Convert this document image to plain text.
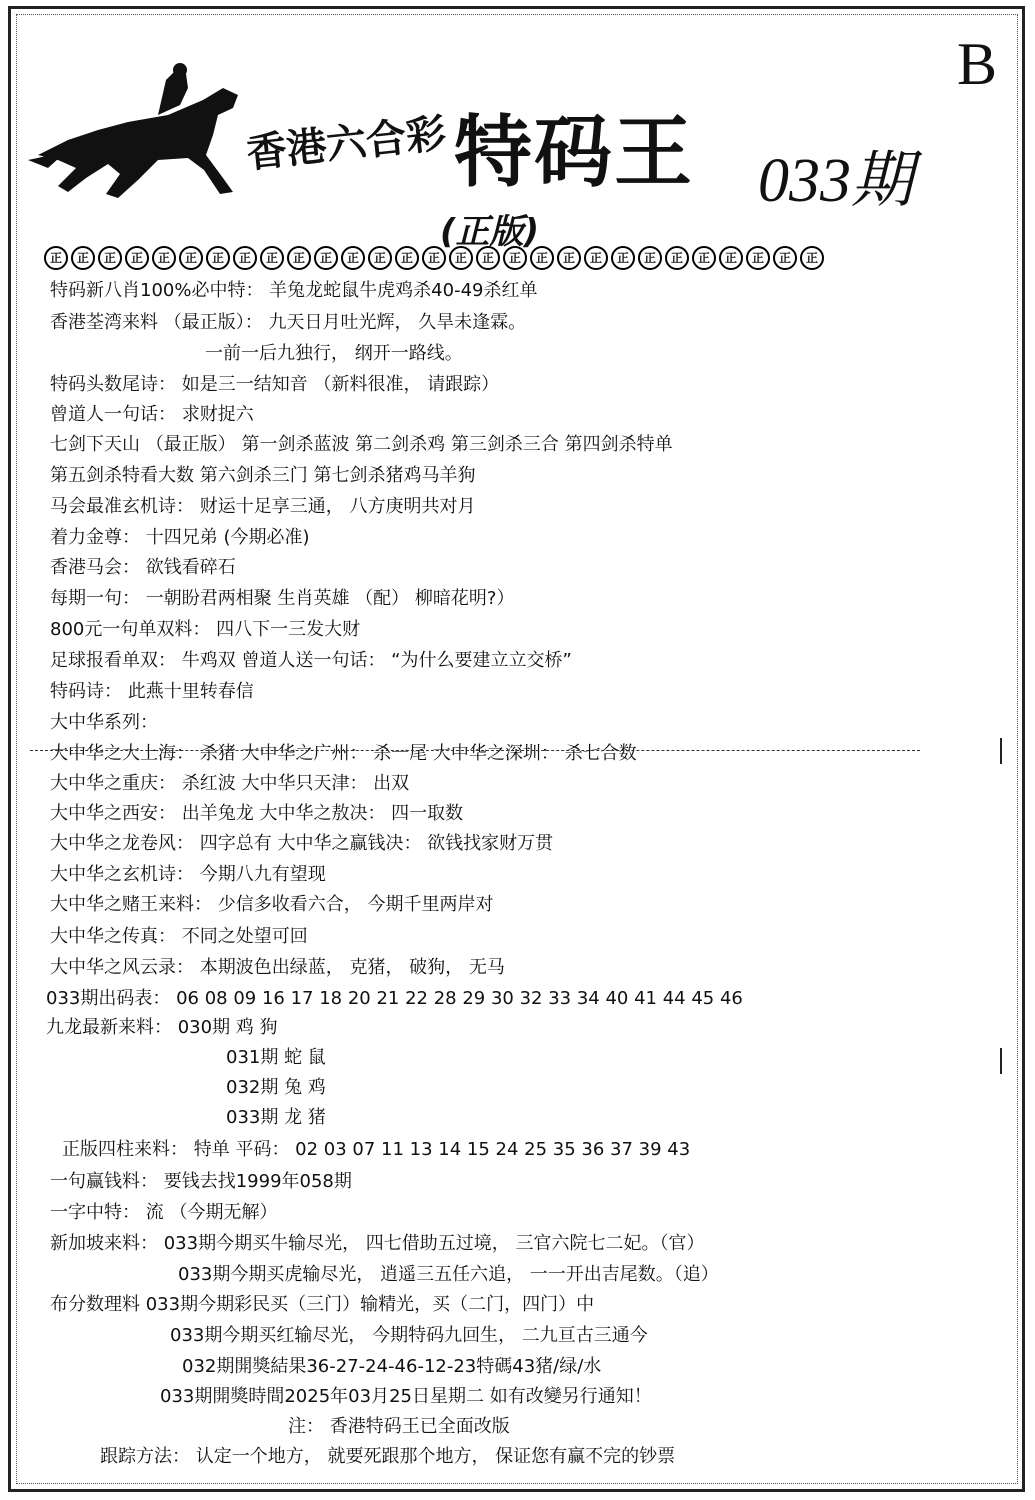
B
香港六合彩 特码王 033期
(正版)
正	正	正	正	正	正	正	正	正	正	正	正	正	正	正	正	正	正	正	正	正	正	正	正	正	正	正	正	正
特码新八肖100%必中特： 羊兔龙蛇鼠牛虎鸡杀40-49杀红单
香港荃湾来料 （最正版）： 九天日月吐光辉， 久旱未逢霖。
一前一后九独行， 纲开一路线。
特码头数尾诗： 如是三一结知音 （新料很准， 请跟踪）
曾道人一句话： 求财捉六
七剑下天山 （最正版） 第一剑杀蓝波 第二剑杀鸡 第三剑杀三合 第四剑杀特单
第五剑杀特看大数 第六剑杀三门 第七剑杀猪鸡马羊狗
马会最准玄机诗： 财运十足享三通， 八方庚明共对月
着力金尊： 十四兄弟 (今期必准)
香港马会： 欲钱看碎石
每期一句： 一朝盼君两相聚 生肖英雄 （配） 柳暗花明?）
800元一句单双料： 四八下一三发大财
足球报看单双： 牛鸡双 曾道人送一句话： “为什么要建立立交桥”
特码诗： 此燕十里转春信
大中华系列：
大中华之大上海： 杀猪 大中华之广州： 杀一尾 大中华之深圳： 杀七合数
大中华之重庆： 杀红波 大中华只天津： 出双
大中华之西安： 出羊兔龙 大中华之敖决： 四一取数
大中华之龙卷风： 四字总有 大中华之赢钱决： 欲钱找家财万贯
大中华之玄机诗： 今期八九有望现
大中华之赌王来料： 少信多收看六合， 今期千里两岸对
大中华之传真： 不同之处望可回
大中华之风云录： 本期波色出绿蓝， 克猪， 破狗， 无马
033期出码表： 06 08 09 16 17 18 20 21 22 28 29 30 32 33 34 40 41 44 45 46
九龙最新来料： 030期 鸡 狗
031期 蛇 鼠
032期 兔 鸡
033期 龙 猪
正版四柱来料： 特单 平码： 02 03 07 11 13 14 15 24 25 35 36 37 39 43
一句赢钱料： 要钱去找1999年058期
一字中特： 流 （今期无解）
新加坡来料： 033期今期买牛输尽光， 四七借助五过境， 三官六院七二妃。（官）
033期今期买虎输尽光， 逍遥三五任六追， 一一开出吉尾数。（追）
布分数理料 033期今期彩民买（三门）输精光，买（二门，四门）中
033期今期买红输尽光， 今期特码九回生， 二九亘古三通今
032期開獎結果36-27-24-46-12-23特碼43猪/绿/水
033期開獎時間2025年03月25日星期二 如有改變另行通知！
注： 香港特码王已全面改版
跟踪方法： 认定一个地方， 就要死跟那个地方， 保证您有赢不完的钞票
